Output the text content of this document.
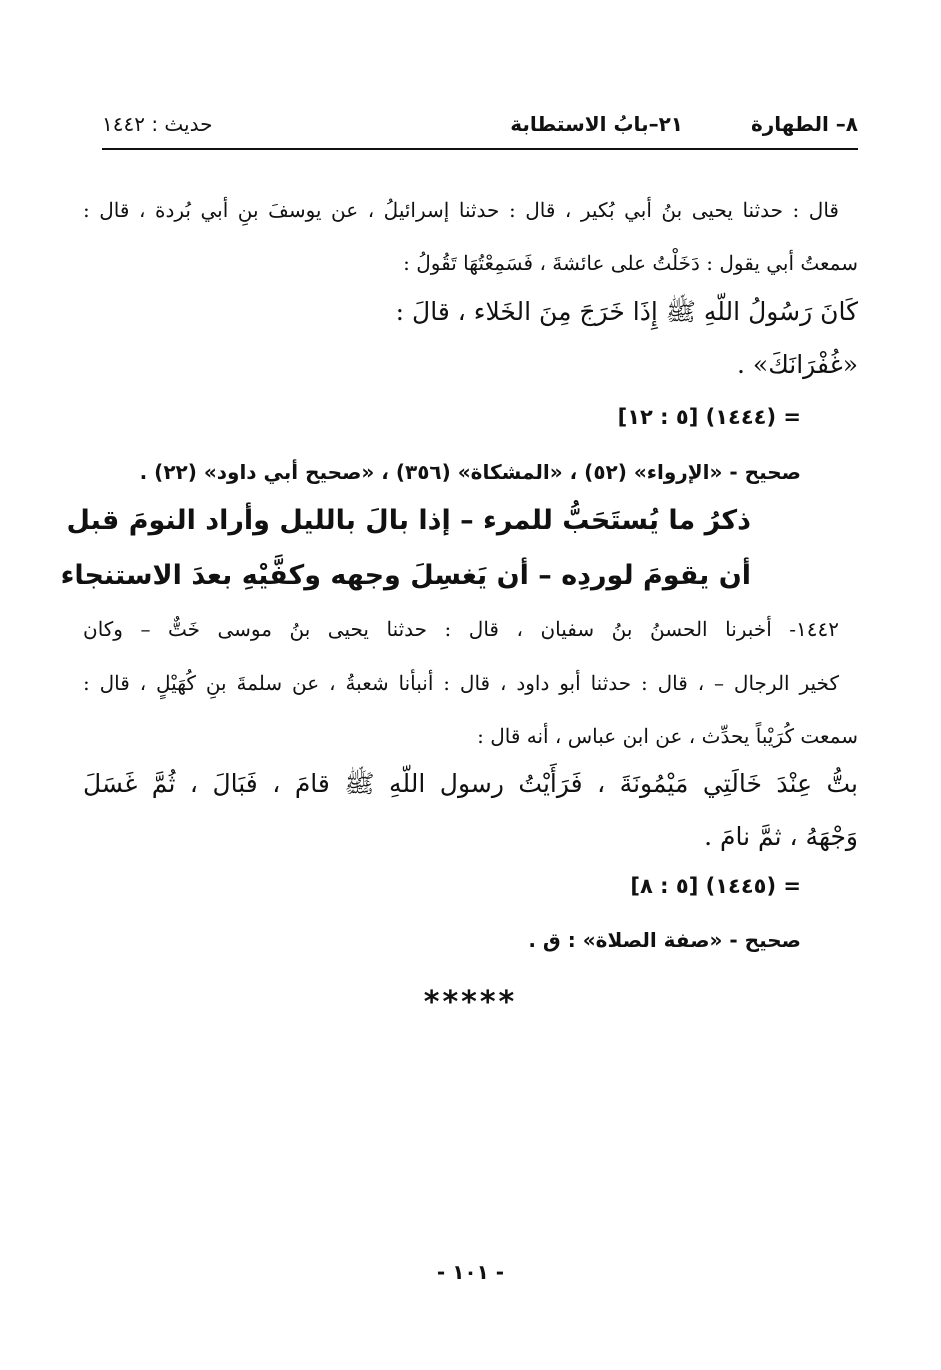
٨– الطهارة
٢١–بابُ الاستطابة
حديث : ١٤٤٢
قال : حدثنا يحيى بنُ أبي بُكير ، قال : حدثنا إسرائيلُ ، عن يوسفَ بنِ أبي بُردة ، قال :
سمعتُ أبي يقول : دَخَلْتُ على عائشةَ ، فَسَمِعْتُهَا تَقُولُ :
كَانَ رَسُولُ اللّهِ ﷺ إِذَا خَرَجَ مِنَ الخَلاء ، قالَ :
«غُفْرَانَكَ» .
= (١٤٤٤) [٥ : ١٢]
صحيح - «الإرواء» (٥٢) ، «المشكاة» (٣٥٦) ، «صحيح أبي داود» (٢٢) .
ذكرُ ما يُستَحَبُّ للمرء – إذا بالَ بالليل وأراد النومَ قبل
أن يقومَ لوردِه – أن يَغسِلَ وجهه وكفَّيْهِ بعدَ الاستنجاء
١٤٤٢- أخبرنا الحسنُ بنُ سفيان ، قال : حدثنا يحيى بنُ موسى خَتٌّ – وكان
كخير الرجال – ، قال : حدثنا أبو داود ، قال : أنبأنا شعبةُ ، عن سلمةَ بنِ كُهَيْلٍ ، قال :
سمعت كُرَيْباً يحدِّث ، عن ابن عباس ، أنه قال :
بتُّ عِنْدَ خَالَتِي مَيْمُونَةَ ، فَرَأَيْتُ رسول اللّهِ ﷺ قامَ ، فَبَالَ ، ثُمَّ غَسَلَ
وَجْهَهُ ، ثمَّ نامَ .
= (١٤٤٥) [٥ : ٨]
صحيح - «صفة الصلاة» : ق .
*****
- ١٠١ -
